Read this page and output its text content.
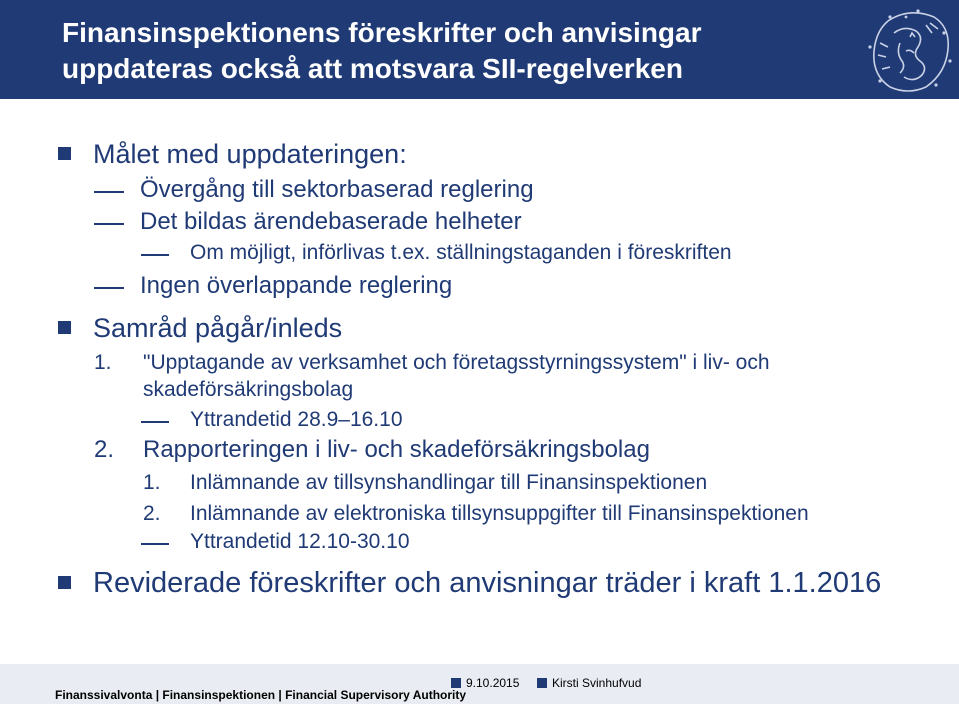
Finansinspektionens föreskrifter och anvisingar
uppdateras också att motsvara SII-regelverken
Målet med uppdateringen:
Övergång till sektorbaserad reglering
Det bildas ärendebaserade helheter
Om möjligt, införlivas t.ex. ställningstaganden i föreskriften
Ingen överlappande reglering
Samråd pågår/inleds
1. "Upptagande av verksamhet och företagsstyrningssystem" i liv- och
skadeförsäkringsbolag
Yttrandetid 28.9–16.10
2. Rapporteringen i liv- och skadeförsäkringsbolag
1. Inlämnande av tillsynshandlingar till Finansinspektionen
2. Inlämnande av elektroniska tillsynsuppgifter till Finansinspektionen
Yttrandetid 12.10-30.10
Reviderade föreskrifter och anvisningar träder i kraft 1.1.2016
Finanssivalvonta | Finansinspektionen | Financial Supervisory Authority
9.10.2015	Kirsti Svinhufvud
